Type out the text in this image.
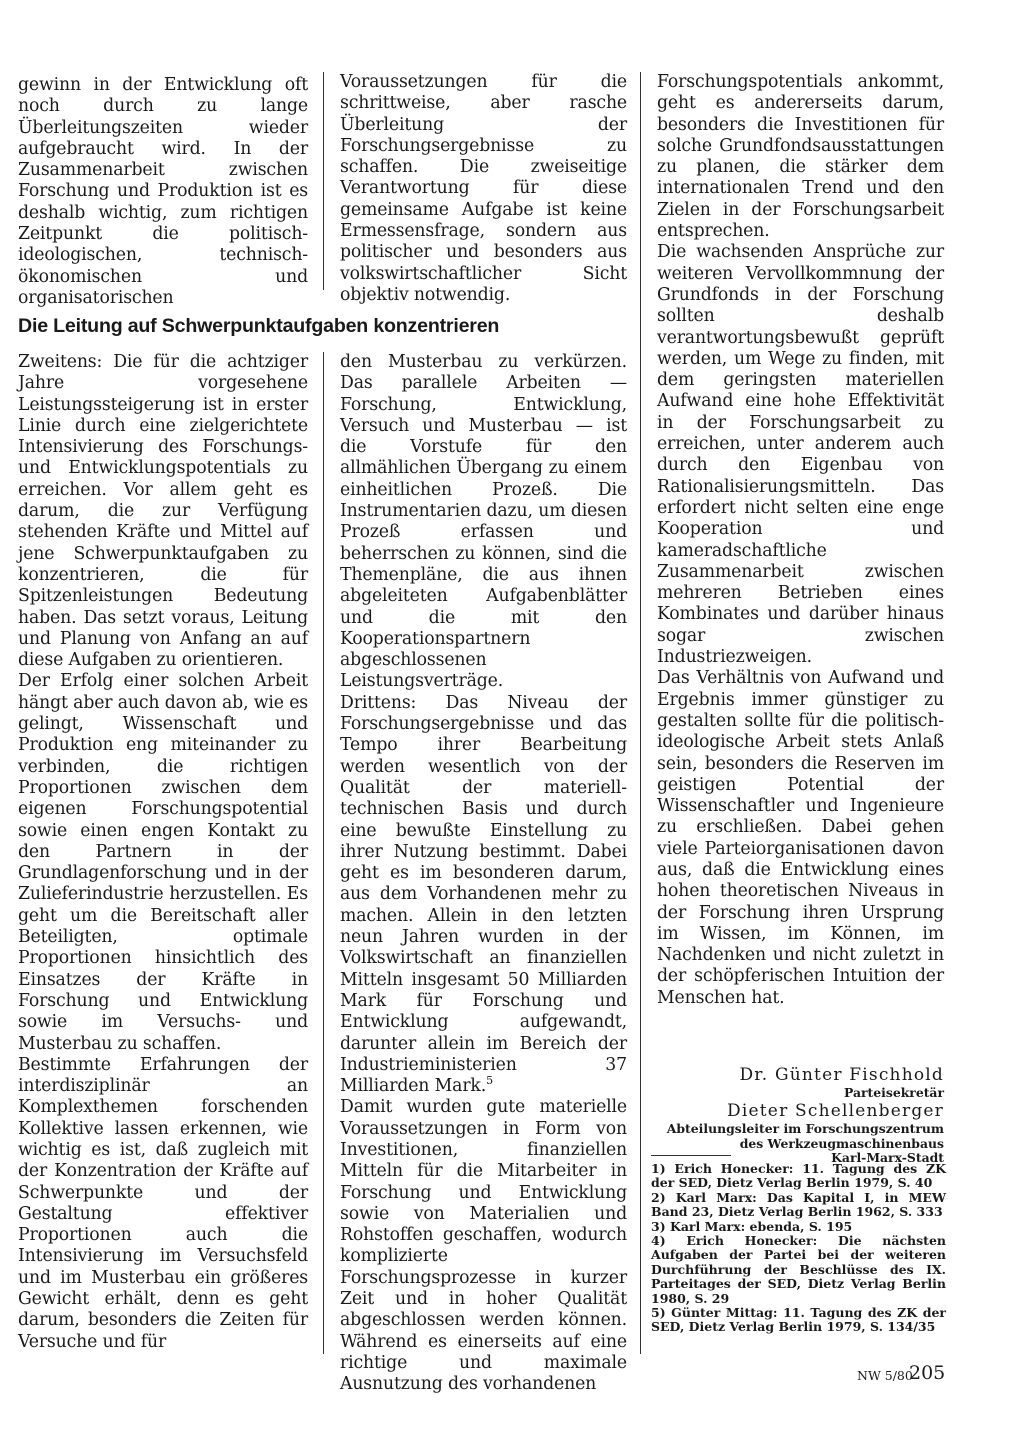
gewinn in der Entwicklung oft noch durch zu lange Überleitungszeiten wieder aufgebraucht wird. In der Zusammenarbeit zwischen Forschung und Produktion ist es deshalb wichtig, zum richtigen Zeitpunkt die politisch-ideologischen, technisch-ökonomischen und organisatorischen

Voraussetzungen für die schrittweise, aber rasche Überleitung der Forschungsergebnisse zu schaffen. Die zweiseitige Verantwortung für diese gemeinsame Aufgabe ist keine Ermessensfrage, sondern aus politischer und besonders aus volkswirtschaftlicher Sicht objektiv notwendig.

Die Leitung auf Schwerpunktaufgaben konzentrieren

Zweitens: Die für die achtziger Jahre vorgesehene Leistungssteigerung ist in erster Linie durch eine zielgerichtete Intensivierung des Forschungs- und Entwicklungspotentials zu erreichen. Vor allem geht es darum, die zur Verfügung stehenden Kräfte und Mittel auf jene Schwerpunktaufgaben zu konzentrieren, die für Spitzenleistungen Bedeutung haben. Das setzt voraus, Leitung und Planung von Anfang an auf diese Aufgaben zu orientieren.

Der Erfolg einer solchen Arbeit hängt aber auch davon ab, wie es gelingt, Wissenschaft und Produktion eng miteinander zu verbinden, die richtigen Proportionen zwischen dem eigenen Forschungspotential sowie einen engen Kontakt zu den Partnern in der Grundlagenforschung und in der Zulieferindustrie herzustellen. Es geht um die Bereitschaft aller Beteiligten, optimale Proportionen hinsichtlich des Einsatzes der Kräfte in Forschung und Entwicklung sowie im Versuchs- und Musterbau zu schaffen.

Bestimmte Erfahrungen der interdisziplinär an Komplexthemen forschenden Kollektive lassen erkennen, wie wichtig es ist, daß zugleich mit der Konzentration der Kräfte auf Schwerpunkte und der Gestaltung effektiver Proportionen auch die Intensivierung im Versuchsfeld und im Musterbau ein größeres Gewicht erhält, denn es geht darum, besonders die Zeiten für Versuche und für

den Musterbau zu verkürzen. Das parallele Arbeiten — Forschung, Entwicklung, Versuch und Musterbau — ist die Vorstufe für den allmählichen Übergang zu einem einheitlichen Prozeß. Die Instrumentarien dazu, um diesen Prozeß erfassen und beherrschen zu können, sind die Themenpläne, die aus ihnen abgeleiteten Aufgabenblätter und die mit den Kooperationspartnern abgeschlossenen Leistungsverträge.

Drittens: Das Niveau der Forschungsergebnisse und das Tempo ihrer Bearbeitung werden wesentlich von der Qualität der materiell-technischen Basis und durch eine bewußte Einstellung zu ihrer Nutzung bestimmt. Dabei geht es im besonderen darum, aus dem Vorhandenen mehr zu machen. Allein in den letzten neun Jahren wurden in der Volkswirtschaft an finanziellen Mitteln insgesamt 50 Milliarden Mark für Forschung und Entwicklung aufgewandt, darunter allein im Bereich der Industrieministerien 37 Milliarden Mark.$^5$

Damit wurden gute materielle Voraussetzungen in Form von Investitionen, finanziellen Mitteln für die Mitarbeiter in Forschung und Entwicklung sowie von Materialien und Rohstoffen geschaffen, wodurch komplizierte Forschungsprozesse in kurzer Zeit und in hoher Qualität abgeschlossen werden können. Während es einerseits auf eine richtige und maximale Ausnutzung des vorhandenen

Forschungspotentials ankommt, geht es andererseits darum, besonders die Investitionen für solche Grundfondsausstattungen zu planen, die stärker dem internationalen Trend und den Zielen in der Forschungsarbeit entsprechen.

Die wachsenden Ansprüche zur weiteren Vervollkommnung der Grundfonds in der Forschung sollten deshalb verantwortungsbewußt geprüft werden, um Wege zu finden, mit dem geringsten materiellen Aufwand eine hohe Effektivität in der Forschungsarbeit zu erreichen, unter anderem auch durch den Eigenbau von Rationalisierungsmitteln. Das erfordert nicht selten eine enge Kooperation und kameradschaftliche Zusammenarbeit zwischen mehreren Betrieben eines Kombinates und darüber hinaus sogar zwischen Industriezweigen.

Das Verhältnis von Aufwand und Ergebnis immer günstiger zu gestalten sollte für die politisch-ideologische Arbeit stets Anlaß sein, besonders die Reserven im geistigen Potential der Wissenschaftler und Ingenieure zu erschließen. Dabei gehen viele Parteiorganisationen davon aus, daß die Entwicklung eines hohen theoretischen Niveaus in der Forschung ihren Ursprung im Wissen, im Können, im Nachdenken und nicht zuletzt in der schöpferischen Intuition der Menschen hat.

Dr. Günter Fischhold
Parteisekretär
Dieter Schellenberger
Abteilungsleiter im Forschungszentrum
des Werkzeugmaschinenbaus
Karl-Marx-Stadt

1) Erich Honecker: 11. Tagung des ZK der SED, Dietz Verlag Berlin 1979, S. 40

2) Karl Marx: Das Kapital I, in MEW Band 23, Dietz Verlag Berlin 1962, S. 333

3) Karl Marx: ebenda, S. 195

4) Erich Honecker: Die nächsten Aufgaben der Partei bei der weiteren Durchführung der Beschlüsse des IX. Parteitages der SED, Dietz Verlag Berlin 1980, S. 29

5) Günter Mittag: 11. Tagung des ZK der SED, Dietz Verlag Berlin 1979, S. 134/35

NW 5/80
205
